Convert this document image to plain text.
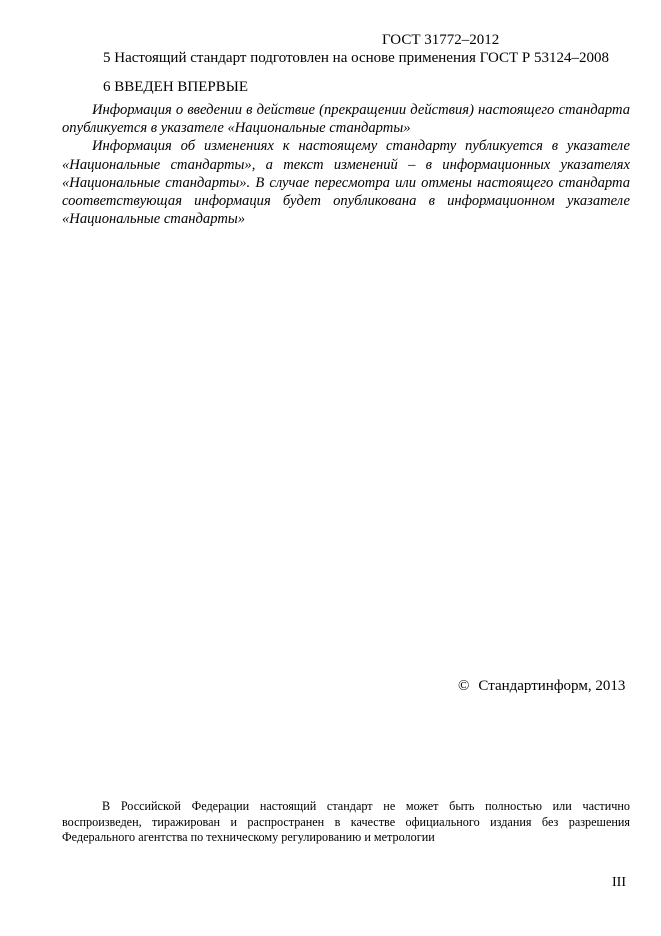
ГОСТ 31772–2012
5 Настоящий стандарт подготовлен на основе применения ГОСТ Р 53124–2008
6 ВВЕДЕН ВПЕРВЫЕ

Информация о введении в действие (прекращении действия) настоящего стандарта опубликуется в указателе «Национальные стандарты»

Информация об изменениях к настоящему стандарту публикуется в указателе «Национальные стандарты», а текст изменений – в информационных указателях «Национальные стандарты». В случае пересмотра или отмены настоящего стандарта соответствующая информация будет опубликована в информационном указателе «Национальные стандарты»

© Стандартинформ, 2013

В Российской Федерации настоящий стандарт не может быть полностью или частично воспроизведен, тиражирован и распространен в качестве официального издания без разрешения Федерального агентства по техническому регулированию и метрологии

III
